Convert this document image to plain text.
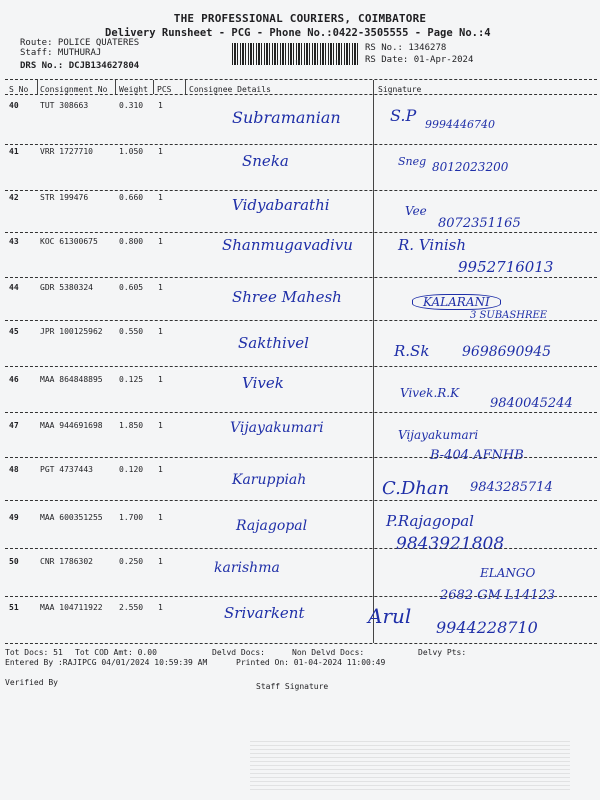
THE PROFESSIONAL COURIERS, COIMBATORE
Delivery Runsheet - PCG - Phone No.:0422-3505555 - Page No.:4
Route: POLICE QUATERES
Staff: MUTHURAJ
DRS No.: DCJB134627804
RS No.: 1346278
RS Date: 01-Apr-2024
S No Consignment No Weight PCS Consignee Details	Signature
40	TUT 308663	0.310 1
Subramanian	S.P 9994446740
41	VRR 1727710	1.050 1
Sneka	Sneg 8012023200
42	STR 199476	0.660 1	Vidyabarathi	Vee
8072351165
43	KOC 61300675	0.800 1	Shanmugavadivu	R. Vinish
9952716013
44	GDR 5380324	0.605 1
Shree Mahesh	KALARANI
3 SUBASHREE
45	JPR 100125962 0.550 1
Sakthivel	R.Sk 9698690945
46	MAA 864848895 0.125 1	Vivek
Vivek.R.K
9840045244
47	MAA 944691698 1.850 1	Vijayakumari	Vijayakumari
B-404 AFNHB
48	PGT 4737443	0.120 1
Karuppiah	C.Dhan 9843285714
49	MAA 600351255 1.700 1
Rajagopal	P.Rajagopal
9843921808
50	CNR 1786302	0.250 1	karishma	ELANGO
2682 GM L14123
51	MAA 104711922 2.550 1	Srivarkent	Arul 9944228710
Tot Docs: 51 Tot COD Amt: 0.00	Delvd Docs:	Non Delvd Docs:	Delvy Pts:
Entered By :RAJIPCG 04/01/2024 10:59:39 AM	Printed On: 01-04-2024 11:00:49
Verified By	Staff Signature
